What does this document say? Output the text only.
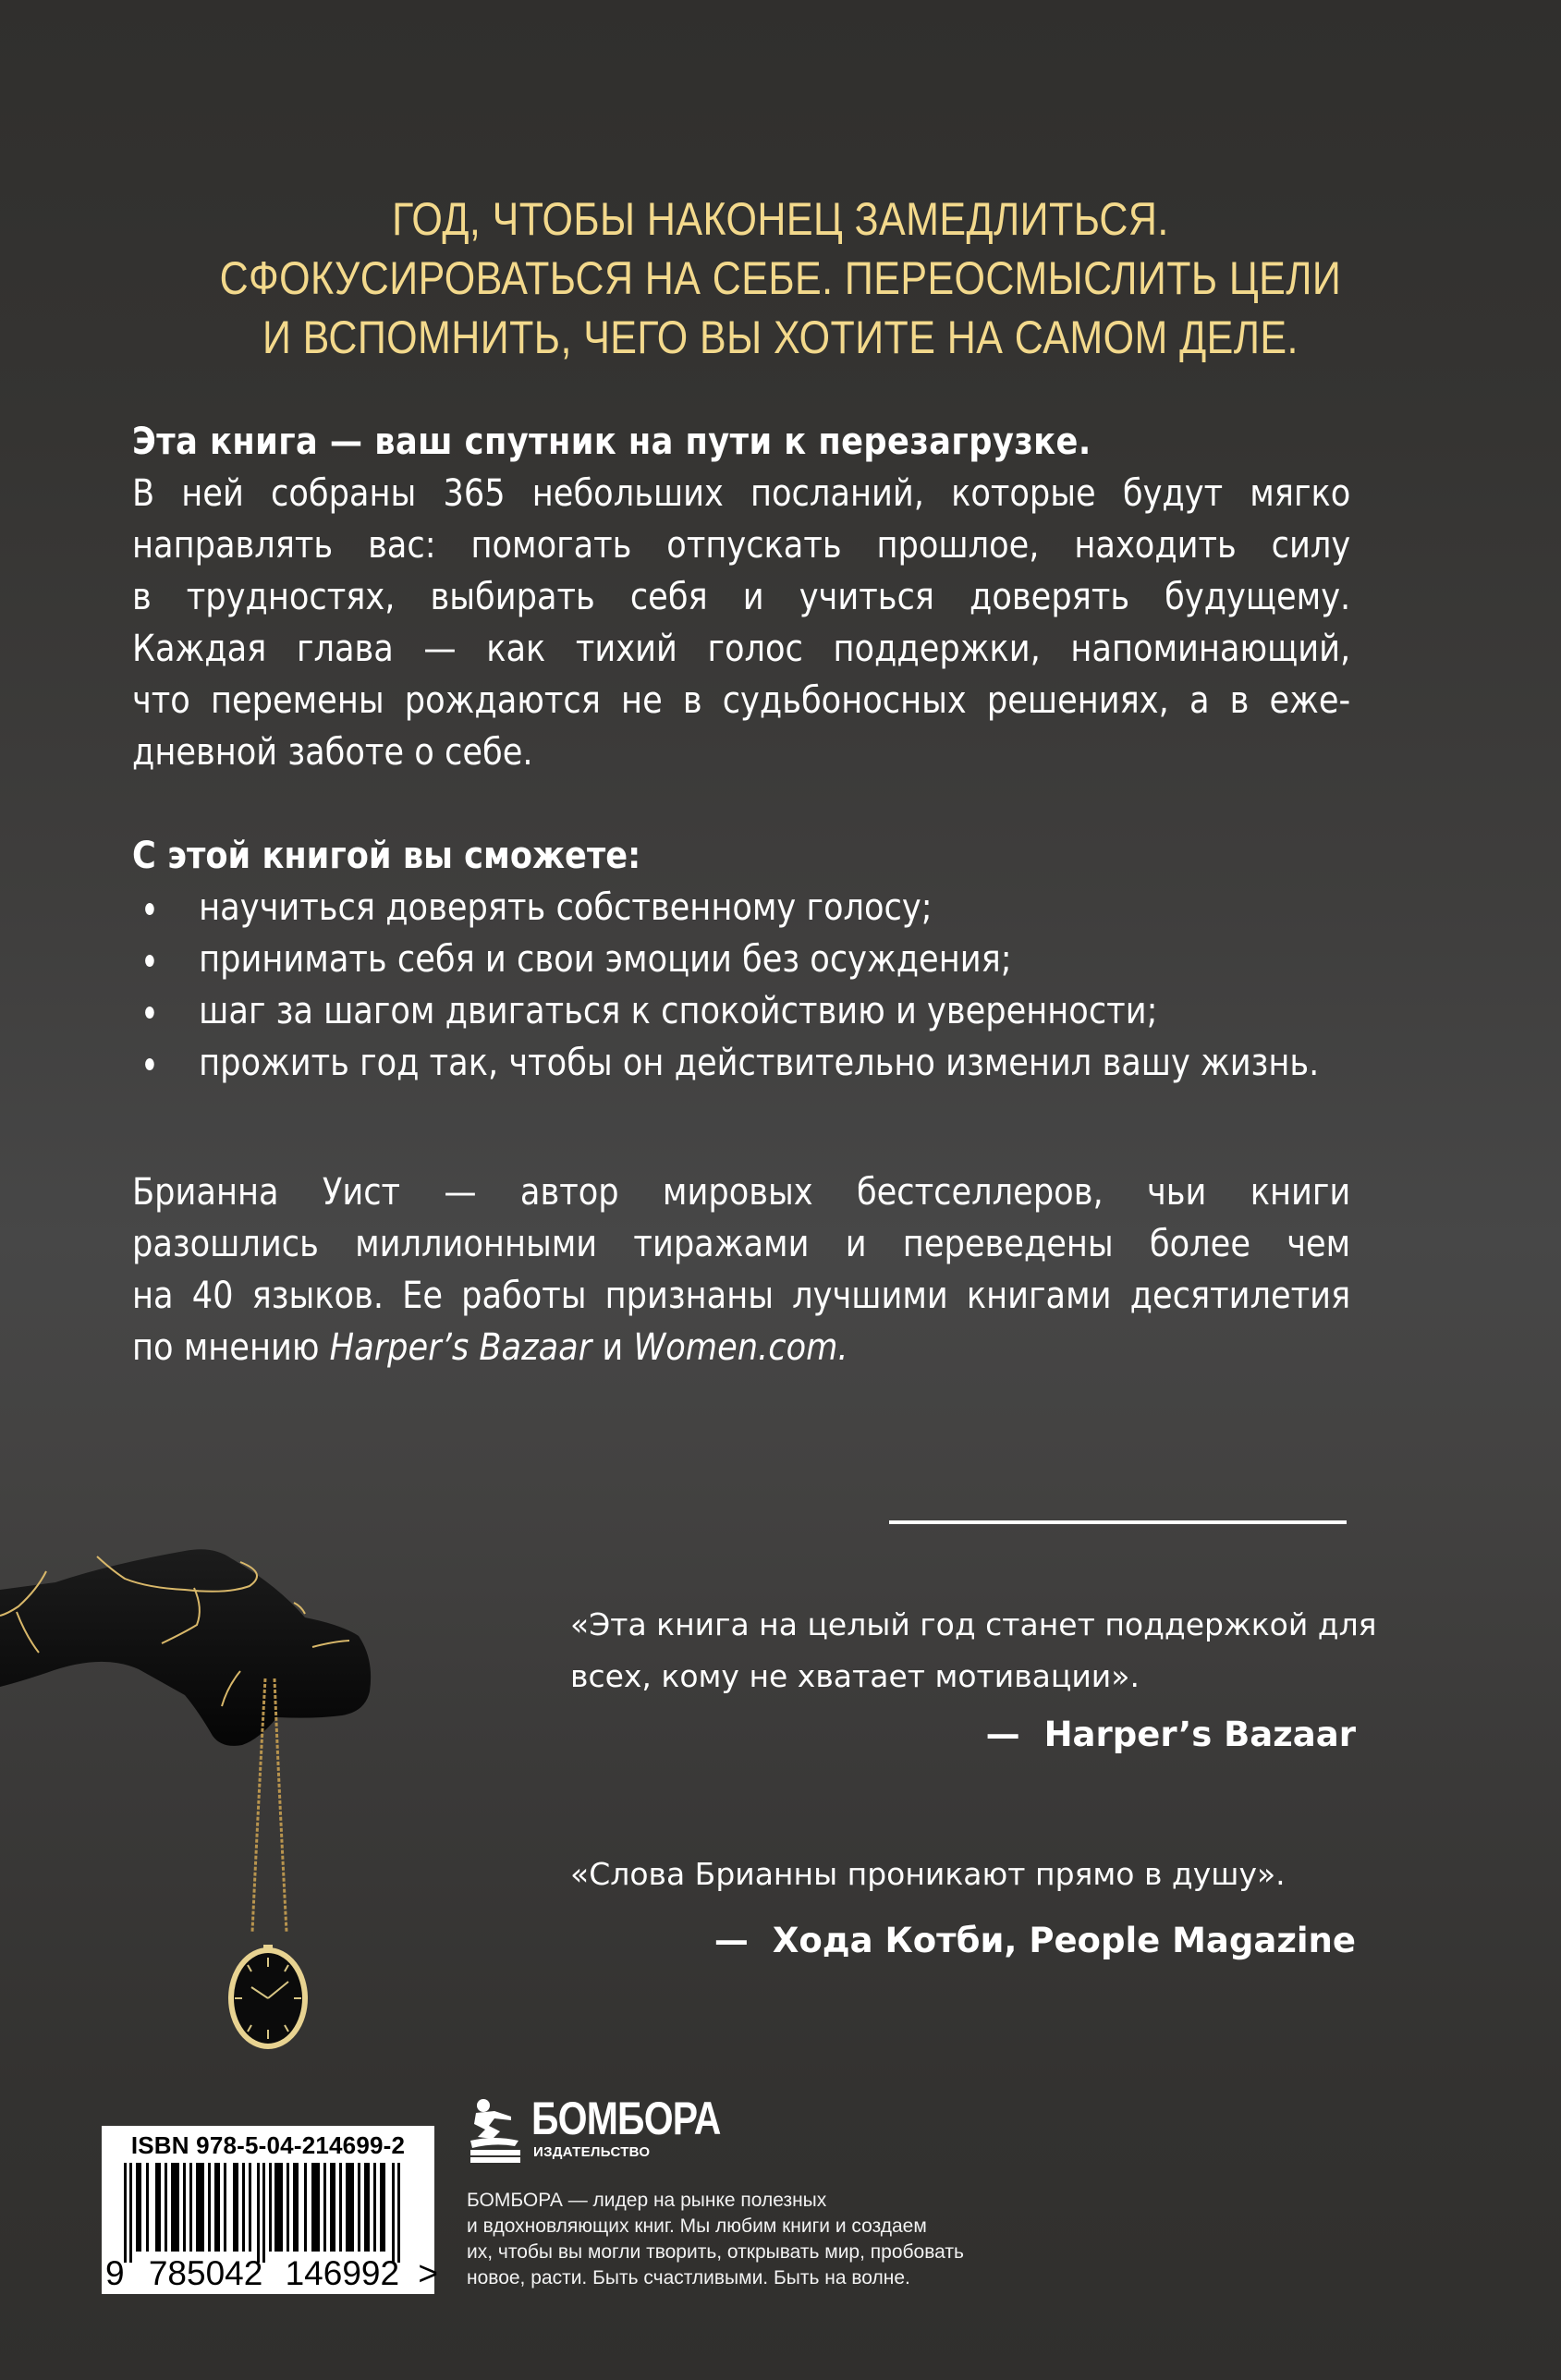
ГОД, ЧТОБЫ НАКОНЕЦ ЗАМЕДЛИТЬСЯ.
СФОКУСИРОВАТЬСЯ НА СЕБЕ. ПЕРЕОСМЫСЛИТЬ ЦЕЛИ
И ВСПОМНИТЬ, ЧЕГО ВЫ ХОТИТЕ НА САМОМ ДЕЛЕ.
Эта книга — ваш спутник на пути к перезагрузке.
В ней собраны 365 небольших посланий, которые будут мягко
направлять вас: помогать отпускать прошлое, находить силу
в трудностях, выбирать себя и учиться доверять будущему.
Каждая глава — как тихий голос поддержки, напоминающий,
что перемены рождаются не в судьбоносных решениях, а в еже-
дневной заботе о себе.
С этой книгой вы сможете:
научиться доверять собственному голосу;
принимать себя и свои эмоции без осуждения;
шаг за шагом двигаться к спокойствию и уверенности;
прожить год так, чтобы он действительно изменил вашу жизнь.
Брианна Уист — автор мировых бестселлеров, чьи книги
разошлись миллионными тиражами и переведены более чем
на 40 языков. Ее работы признаны лучшими книгами десятилетия
по мнению Harper’s Bazaar и Women.com.
«Эта книга на целый год станет поддержкой для
всех, кому не хватает мотивации».
— Harper’s Bazaar
«Слова Брианны проникают прямо в душу».
— Хода Котби, People Magazine
ISBN 978-5-04-214699-2
9 785042 146992 >
БОМБОРА
ИЗДАТЕЛЬСТВО
БОМБОРА — лидер на рынке полезных
и вдохновляющих книг. Мы любим книги и создаем
их, чтобы вы могли творить, открывать мир, пробовать
новое, расти. Быть счастливыми. Быть на волне.
